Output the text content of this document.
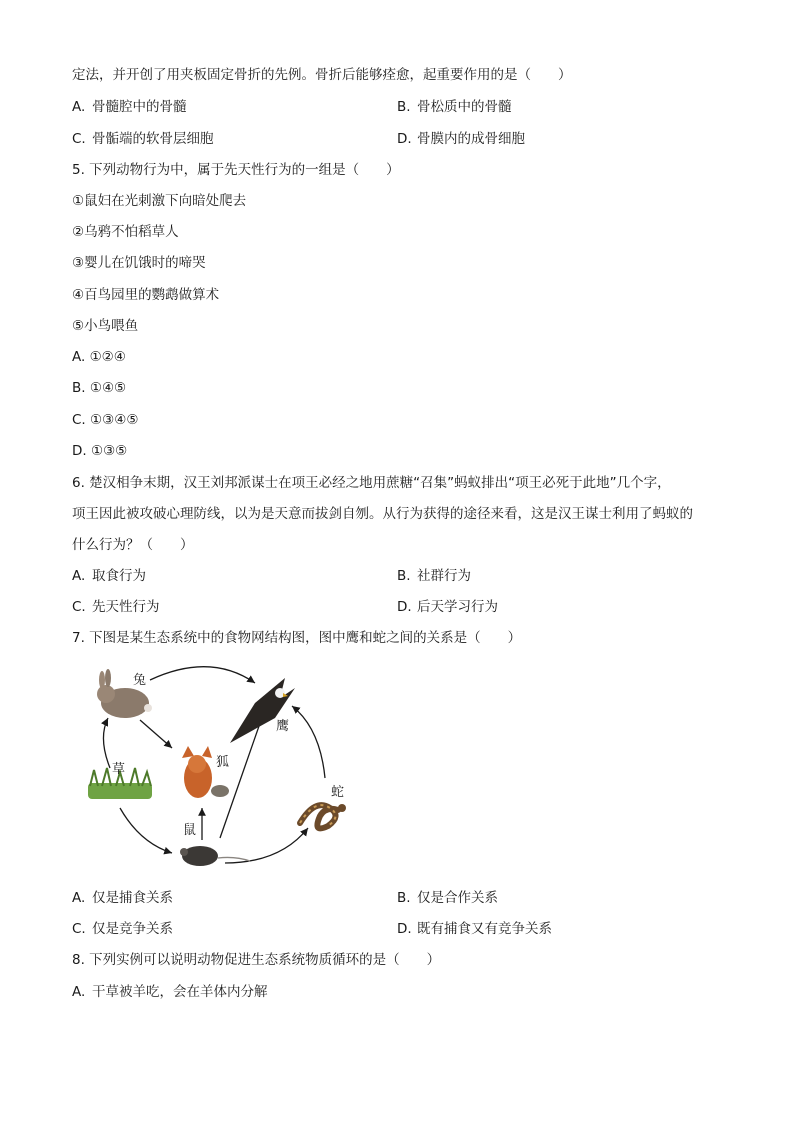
定法，并开创了用夹板固定骨折的先例。骨折后能够痊愈，起重要作用的是（　　）
A. 骨髓腔中的骨髓	B. 骨松质中的骨髓
C. 骨骺端的软骨层细胞	D. 骨膜内的成骨细胞
5. 下列动物行为中，属于先天性行为的一组是（　　）
①鼠妇在光刺激下向暗处爬去
②乌鸦不怕稻草人
③婴儿在饥饿时的啼哭
④百鸟园里的鹦鹉做算术
⑤小鸟喂鱼
A. ①②④
B. ①④⑤
C. ①③④⑤
D. ①③⑤
6. 楚汉相争末期，汉王刘邦派谋士在项王必经之地用蔗糖“召集”蚂蚁排出“项王必死于此地”几个字，
项王因此被攻破心理防线，以为是天意而拔剑自刎。从行为获得的途径来看，这是汉王谋士利用了蚂蚁的
什么行为？（　　）
A. 取食行为	B. 社群行为
C. 先天性行为	D. 后天学习行为
7. 下图是某生态系统中的食物网结构图，图中鹰和蛇之间的关系是（　　）
兔
鹰
草	狐
鼠
蛇
A. 仅是捕食关系	B. 仅是合作关系
C. 仅是竞争关系	D. 既有捕食又有竞争关系
8. 下列实例可以说明动物促进生态系统物质循环的是（　　）
A. 干草被羊吃，会在羊体内分解
